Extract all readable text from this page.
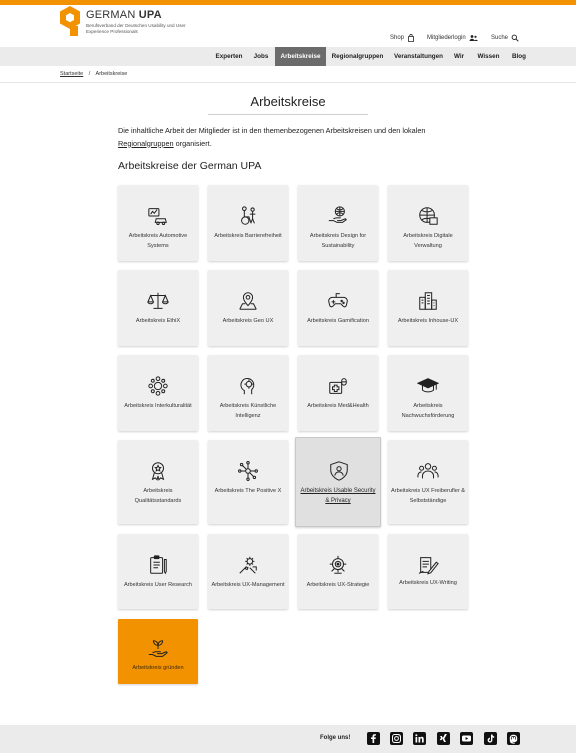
GERMAN UPA
Berufsverband der Deutschen Usability und User Experience Professionals
Shop	Mitgliederlogin	Suche
Experten	Jobs	Arbeitskreise	Regionalgruppen	Veranstaltungen	Wir	Wissen	Blog
Startseite / Arbeitskreise
Arbeitskreise

Die inhaltliche Arbeit der Mitglieder ist in den themenbezogenen Arbeitskreisen und den lokalen Regionalgruppen organisiert.

Arbeitskreise der German UPA
Arbeitskreis Automotive Systems
Arbeitskreis Barrierefreiheit	Arbeitskreis Design for Sustainability
Arbeitskreis Digitale Verwaltung
Arbeitskreis EthiX	Arbeitskreis Geo UX	Arbeitskreis Gamification	Arbeitskreis Inhouse-UX
Arbeitskreis Interkulturalität	Arbeitskreis Künstliche Intelligenz
Arbeitskreis Med&Health	Arbeitskreis Nachwuchsförderung
Arbeitskreis Qualitätsstandards
Arbeitskreis The Positive X	Arbeitskreis Usable Security & Privacy
Arbeitskreis UX Freiberufler & Selbstständige
Arbeitskreis User Research	Arbeitskreis UX-Management	Arbeitskreis UX-Strategie	Arbeitskreis UX-Writing
Arbeitskreis gründen
Folge uns!
